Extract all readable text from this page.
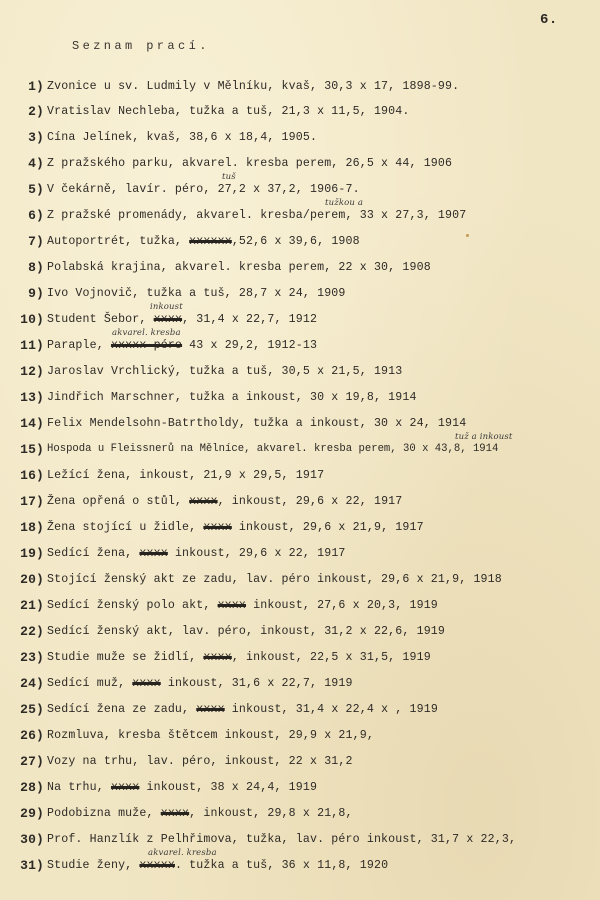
6.
Seznam prací.
1) Zvonice u sv. Ludmily v Mělníku, kvaš, 30,3 x 17, 1898-99.
2) Vratislav Nechleba, tužka a tuš, 21,3 x 11,5, 1904.
3) Cína Jelínek, kvaš, 38,6 x 18,4, 1905.
4) Z pražského parku, akvarel. kresba perem, 26,5 x 44, 1906
5)
tuš
V čekárně, lavír. péro, 27,2 x 37,2, 1906-7.
6)
tužkou a
Z pražské promenády, akvarel. kresba/perem, 33 x 27,3, 1907
7) Autoportrét, tužka, xxxxxx,52,6 x 39,6, 1908
8) Polabská krajina, akvarel. kresba perem, 22 x 30, 1908
9) Ivo Vojnovič, tužka a tuš, 28,7 x 24, 1909
10)
inkoust
Student Šebor, xxxx, 31,4 x 22,7, 1912
11)
akvarel. kresba
Paraple, xxxxx péro 43 x 29,2, 1912-13
12) Jaroslav Vrchlický, tužka a tuš, 30,5 x 21,5, 1913
13) Jindřich Marschner, tužka a inkoust, 30 x 19,8, 1914
14) Felix Mendelsohn-Batrtholdy, tužka a inkoust, 30 x 24, 1914
15)
tuž a inkoust
Hospoda u Fleissnerů na Mělníce, akvarel. kresba perem, 30 x 43,8, 1914
16) Ležící žena, inkoust, 21,9 x 29,5, 1917
17) Žena opřená o stůl, xxxx, inkoust, 29,6 x 22, 1917
18) Žena stojící u židle, xxxx inkoust, 29,6 x 21,9, 1917
19) Sedící žena, xxxx inkoust, 29,6 x 22, 1917
20) Stojící ženský akt ze zadu, lav. péro inkoust, 29,6 x 21,9, 1918
21) Sedící ženský polo akt, xxxx inkoust, 27,6 x 20,3, 1919
22) Sedící ženský akt, lav. péro, inkoust, 31,2 x 22,6, 1919
23) Studie muže se židlí, xxxx, inkoust, 22,5 x 31,5, 1919
24) Sedící muž, xxxx inkoust, 31,6 x 22,7, 1919
25) Sedící žena ze zadu, xxxx inkoust, 31,4 x 22,4 x , 1919
26) Rozmluva, kresba štětcem inkoust, 29,9 x 21,9,
27) Vozy na trhu, lav. péro, inkoust, 22 x 31,2
28) Na trhu, xxxx inkoust, 38 x 24,4, 1919
29) Podobizna muže, xxxx, inkoust, 29,8 x 21,8,
30) Prof. Hanzlík z Pelhřimova, tužka, lav. péro inkoust, 31,7 x 22,3,
31)
akvarel. kresba
Studie ženy, xxxxx. tužka a tuš, 36 x 11,8, 1920
